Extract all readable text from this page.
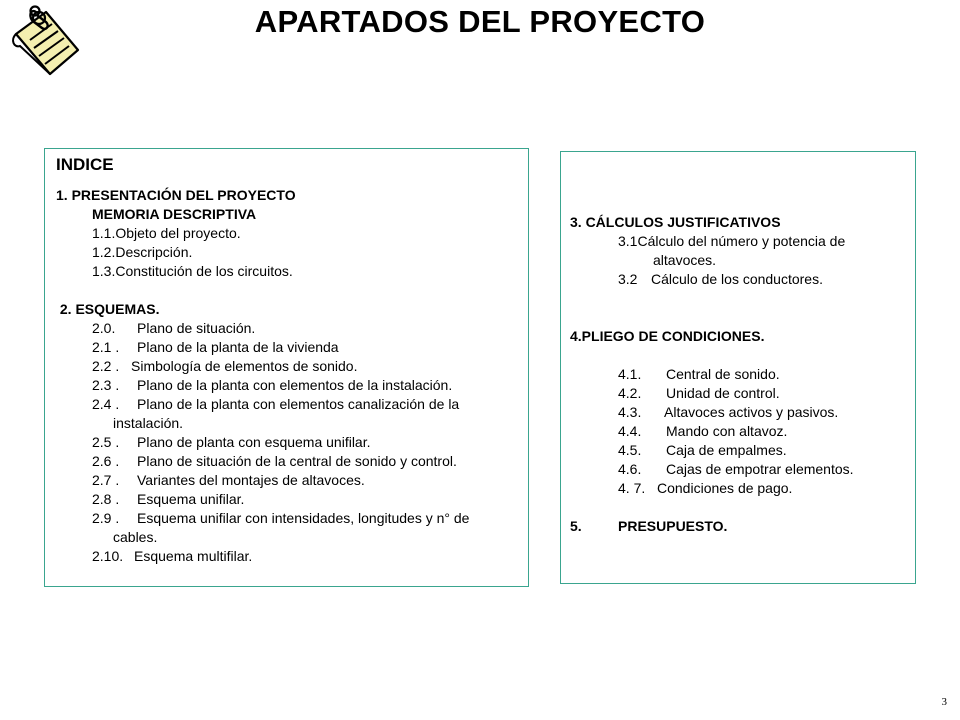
APARTADOS DEL PROYECTO
INDICE
1. PRESENTACIÓN DEL PROYECTO
MEMORIA DESCRIPTIVA
1.1.Objeto del proyecto.
1.2.Descripción.
1.3.Constitución de los circuitos.
2. ESQUEMAS.
2.0.	Plano de situación.
2.1 .	Plano de la planta de la vivienda
2.2 . Simbología de elementos de sonido.
2.3 .	Plano de la planta con elementos de la instalación.
2.4 .	Plano de la planta con elementos canalización de la
instalación.
2.5 .	Plano de planta con esquema unifilar.
2.6 .	Plano de situación de la central de sonido y control.
2.7 .	Variantes del montajes de altavoces.
2.8 .	Esquema unifilar.
2.9 .	Esquema unifilar con intensidades, longitudes y n° de
cables.
2.10. Esquema multifilar.
3. CÁLCULOS JUSTIFICATIVOS
3.1Cálculo del número y potencia de
altavoces.
3.2 Cálculo de los conductores.
4.PLIEGO DE CONDICIONES.
4.1.	Central de sonido.
4.2.	Unidad de control.
4.3.	Altavoces activos y pasivos.
4.4.	Mando con altavoz.
4.5.	Caja de empalmes.
4.6.	Cajas de empotrar elementos.
4. 7. Condiciones de pago.
5.	PRESUPUESTO.
3
